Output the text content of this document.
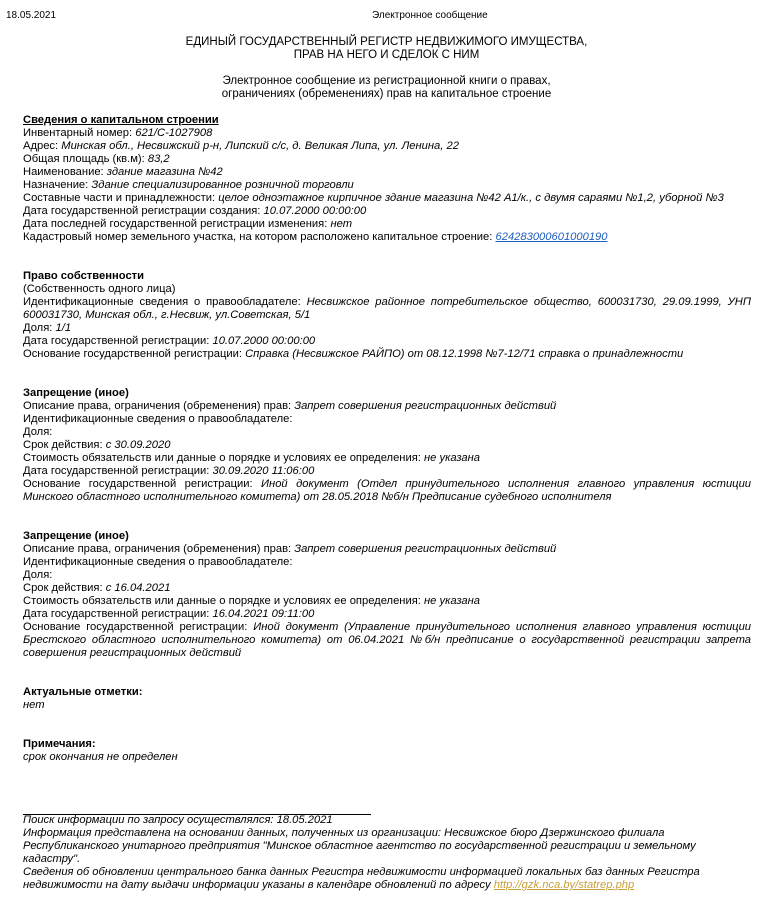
18.05.2021	Электронное сообщение
ЕДИНЫЙ ГОСУДАРСТВЕННЫЙ РЕГИСТР НЕДВИЖИМОГО ИМУЩЕСТВА,
ПРАВ НА НЕГО И СДЕЛОК С НИМ
Электронное сообщение из регистрационной книги о правах,
ограничениях (обременениях) прав на капитальное строение
Сведения о капитальном строении
Инвентарный номер: 621/С-1027908
Адрес: Минская обл., Несвижский р-н, Липский с/с, д. Великая Липа, ул. Ленина, 22
Общая площадь (кв.м): 83,2
Наименование: здание магазина №42
Назначение: Здание специализированное розничной торговли
Составные части и принадлежности: целое одноэтажное кирпичное здание магазина №42 А1/к., с двумя сараями №1,2, уборной №3
Дата государственной регистрации создания: 10.07.2000 00:00:00
Дата последней государственной регистрации изменения: нет
Кадастровый номер земельного участка, на котором расположено капитальное строение: 624283000601000190
Право собственности
(Собственность одного лица)
Идентификационные сведения о правообладателе: Несвижское районное потребительское общество, 600031730, 29.09.1999, УНП 600031730, Минская обл., г.Несвиж, ул.Советская, 5/1
Доля: 1/1
Дата государственной регистрации: 10.07.2000 00:00:00
Основание государственной регистрации: Справка (Несвижское РАЙПО) от 08.12.1998 №7-12/71 справка о принадлежности
Запрещение (иное)
Описание права, ограничения (обременения) прав: Запрет совершения регистрационных действий
Идентификационные сведения о правообладателе:
Доля:
Срок действия: с 30.09.2020
Стоимость обязательств или данные о порядке и условиях ее определения: не указана
Дата государственной регистрации: 30.09.2020 11:06:00
Основание государственной регистрации: Иной документ (Отдел принудительного исполнения главного управления юстиции Минского областного исполнительного комитета) от 28.05.2018 №б/н Предписание судебного исполнителя
Запрещение (иное)
Описание права, ограничения (обременения) прав: Запрет совершения регистрационных действий
Идентификационные сведения о правообладателе:
Доля:
Срок действия: с 16.04.2021
Стоимость обязательств или данные о порядке и условиях ее определения: не указана
Дата государственной регистрации: 16.04.2021 09:11:00
Основание государственной регистрации: Иной документ (Управление принудительного исполнения главного управления юстиции Брестского областного исполнительного комитета) от 06.04.2021 №б/н предписание о государственной регистрации запрета совершения регистрационных действий
Актуальные отметки:
нет
Примечания:
срок окончания не определен
Поиск информации по запросу осуществлялся: 18.05.2021
Информация представлена на основании данных, полученных из организации: Несвижское бюро Дзержинского филиала Республиканского унитарного предприятия "Минское областное агентство по государственной регистрации и земельному кадастру".
Сведения об обновлении центрального банка данных Регистра недвижимости информацией локальных баз данных Регистра недвижимости на дату выдачи информации указаны в календаре обновлений по адресу http://gzk.nca.by/statrep.php
